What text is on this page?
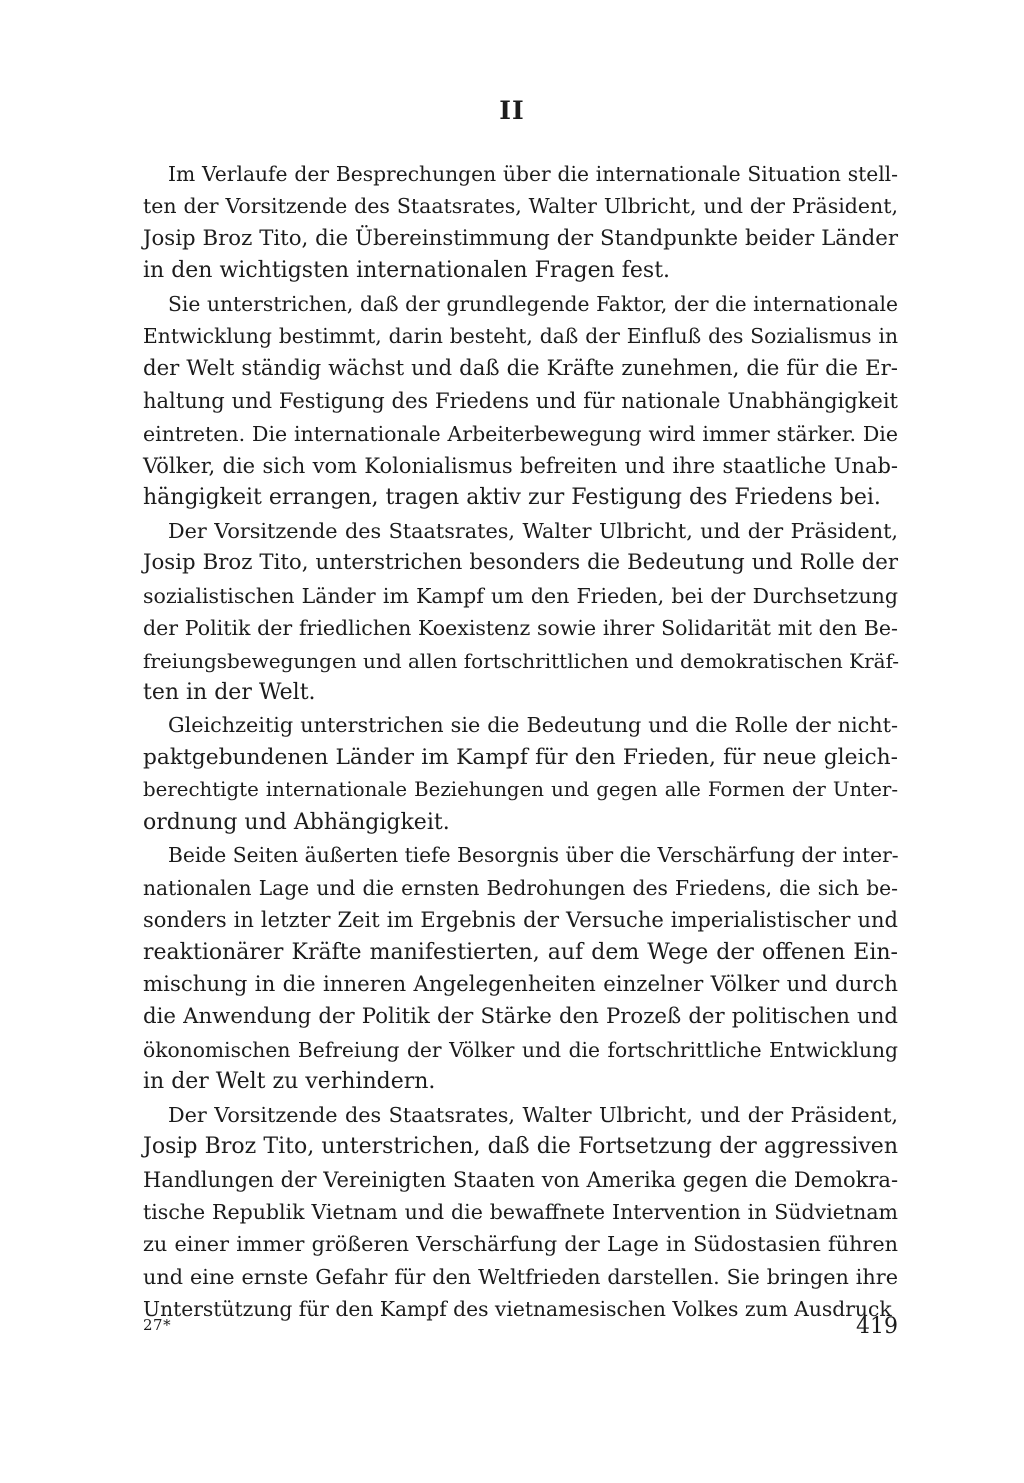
II
Im Verlaufe der Besprechungen über die internationale Situation stell-
ten der Vorsitzende des Staatsrates, Walter Ulbricht, und der Präsident,
Josip Broz Tito, die Übereinstimmung der Standpunkte beider Länder
in den wichtigsten internationalen Fragen fest.
Sie unterstrichen, daß der grundlegende Faktor, der die internationale
Entwicklung bestimmt, darin besteht, daß der Einfluß des Sozialismus in
der Welt ständig wächst und daß die Kräfte zunehmen, die für die Er-
haltung und Festigung des Friedens und für nationale Unabhängigkeit
eintreten. Die internationale Arbeiterbewegung wird immer stärker. Die
Völker, die sich vom Kolonialismus befreiten und ihre staatliche Unab-
hängigkeit errangen, tragen aktiv zur Festigung des Friedens bei.
Der Vorsitzende des Staatsrates, Walter Ulbricht, und der Präsident,
Josip Broz Tito, unterstrichen besonders die Bedeutung und Rolle der
sozialistischen Länder im Kampf um den Frieden, bei der Durchsetzung
der Politik der friedlichen Koexistenz sowie ihrer Solidarität mit den Be-
freiungsbewegungen und allen fortschrittlichen und demokratischen Kräf-
ten in der Welt.
Gleichzeitig unterstrichen sie die Bedeutung und die Rolle der nicht-
paktgebundenen Länder im Kampf für den Frieden, für neue gleich-
berechtigte internationale Beziehungen und gegen alle Formen der Unter-
ordnung und Abhängigkeit.
Beide Seiten äußerten tiefe Besorgnis über die Verschärfung der inter-
nationalen Lage und die ernsten Bedrohungen des Friedens, die sich be-
sonders in letzter Zeit im Ergebnis der Versuche imperialistischer und
reaktionärer Kräfte manifestierten, auf dem Wege der offenen Ein-
mischung in die inneren Angelegenheiten einzelner Völker und durch
die Anwendung der Politik der Stärke den Prozeß der politischen und
ökonomischen Befreiung der Völker und die fortschrittliche Entwicklung
in der Welt zu verhindern.
Der Vorsitzende des Staatsrates, Walter Ulbricht, und der Präsident,
Josip Broz Tito, unterstrichen, daß die Fortsetzung der aggressiven
Handlungen der Vereinigten Staaten von Amerika gegen die Demokra-
tische Republik Vietnam und die bewaffnete Intervention in Südvietnam
zu einer immer größeren Verschärfung der Lage in Südostasien führen
und eine ernste Gefahr für den Weltfrieden darstellen. Sie bringen ihre
Unterstützung für den Kampf des vietnamesischen Volkes zum Ausdruck
27*	419
